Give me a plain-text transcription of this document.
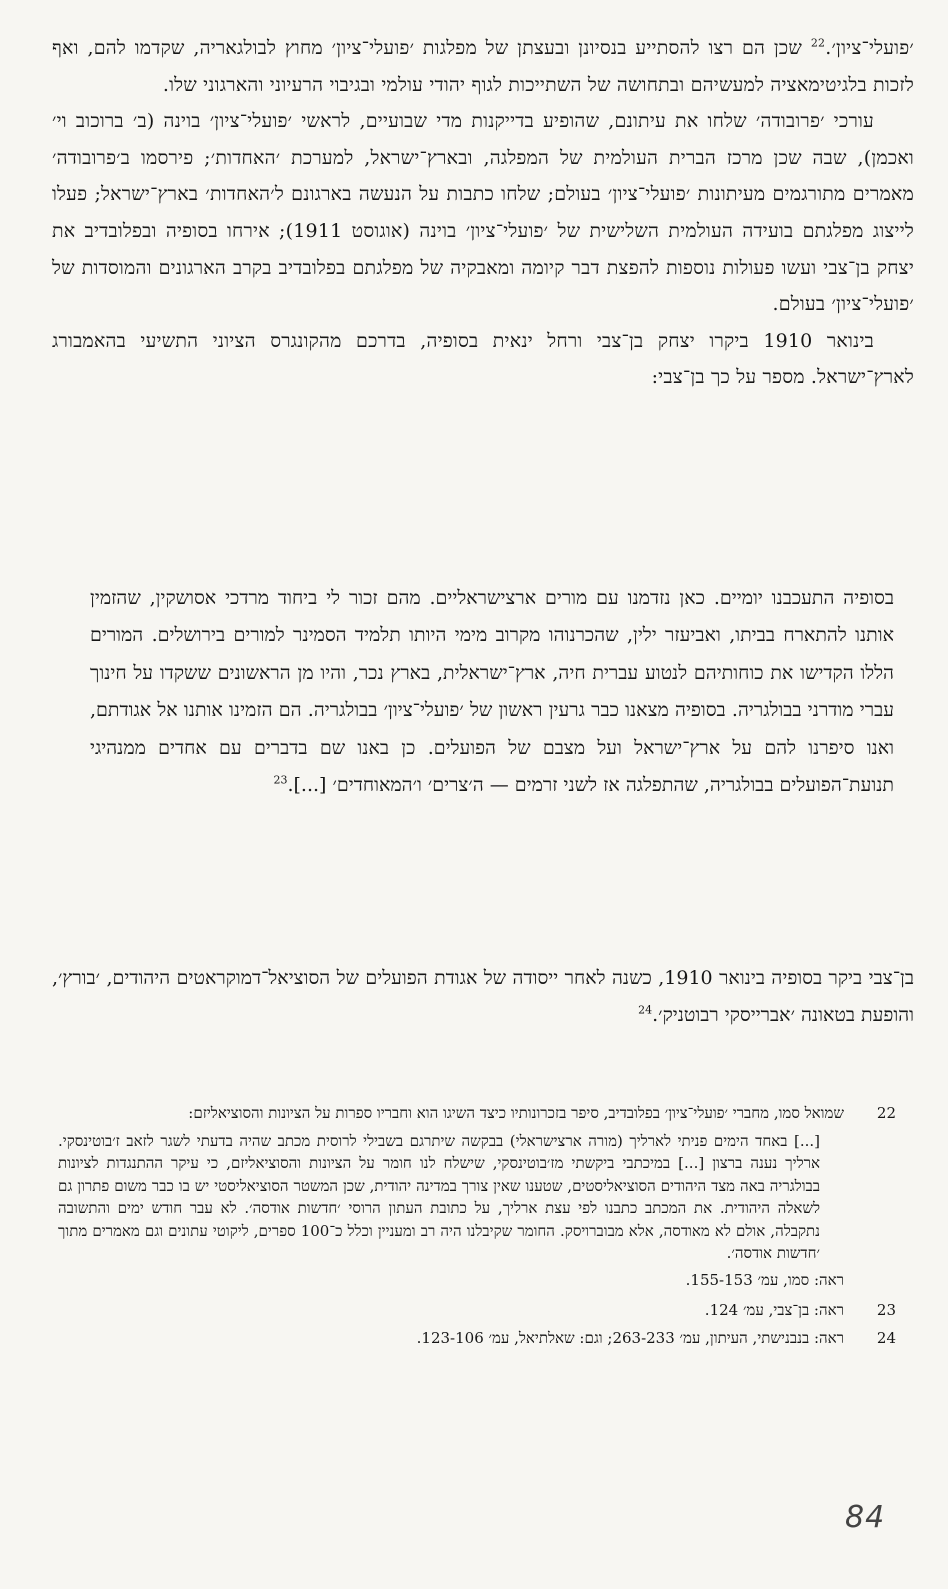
׳פועלי־ציון׳.$^{22}$ שכן הם רצו להסתייע בנסיונן ובעצתן של מפלגות ׳פועלי־ציון׳ מחוץ לבולגאריה, שקדמו להם, ואף לזכות בלגיטימאציה למעשיהם ובתחושה של השתייכות לגוף יהודי עולמי ובגיבוי הרעיוני והארגוני שלו.

עורכי ׳פרובודה׳ שלחו את עיתונם, שהופיע בדייקנות מדי שבועיים, לראשי ׳פועלי־ציון׳ בוינה (ב׳ ברוכוב וי׳ ואכמן), שבה שכן מרכז הברית העולמית של המפלגה, ובארץ־ישראל, למערכת ׳האחדות׳; פירסמו ב׳פרובודה׳ מאמרים מתורגמים מעיתונות ׳פועלי־ציון׳ בעולם; שלחו כתבות על הנעשה בארגונם ל׳האחדות׳ בארץ־ישראל; פעלו לייצוג מפלגתם בועידה העולמית השלישית של ׳פועלי־ציון׳ בוינה (אוגוסט 1911); אירחו בסופיה ובפלובדיב את יצחק בן־צבי ועשו פעולות נוספות להפצת דבר קיומה ומאבקיה של מפלגתם בפלובדיב בקרב הארגונים והמוסדות של ׳פועלי־ציון׳ בעולם.

בינואר 1910 ביקרו יצחק בן־צבי ורחל ינאית בסופיה, בדרכם מהקונגרס הציוני התשיעי בהאמבורג לארץ־ישראל. מספר על כך בן־צבי:

בסופיה התעכבנו יומיים. כאן נזדמנו עם מורים ארצישראליים. מהם זכור לי ביחוד מרדכי אסושקין, שהזמין אותנו להתארח בביתו, ואביעזר ילין, שהכרנוהו מקרוב מימי היותו תלמיד הסמינר למורים בירושלים. המורים הללו הקדישו את כוחותיהם לנטוע עברית חיה, ארץ־ישראלית, בארץ נכר, והיו מן הראשונים ששקדו על חינוך עברי מודרני בבולגריה. בסופיה מצאנו כבר גרעין ראשון של ׳פועלי־ציון׳ בבולגריה. הם הזמינו אותנו אל אגודתם, ואנו סיפרנו להם על ארץ־ישראל ועל מצבם של הפועלים. כן באנו שם בדברים עם אחדים ממנהיגי תנועת־הפועלים בבולגריה, שהתפלגה אז לשני זרמים — ה׳צרים׳ ו׳המאוחדים׳ [...].$^{23}$

בן־צבי ביקר בסופיה בינואר 1910, כשנה לאחר ייסודה של אגודת הפועלים של הסוציאל־דמוקראטים היהודים, ׳בורץ׳, והופעת בטאונה ׳אברייסקי רבוטניק׳.$^{24}$

22
שמואל סמו, מחברי ׳פועלי־ציון׳ בפלובדיב, סיפר בזכרונותיו כיצד השיגו הוא וחבריו ספרות על הציונות והסוציאליזם:
[...] באחד הימים פניתי לארליך (מורה ארצישראלי) בבקשה שיתרגם בשבילי לרוסית מכתב שהיה בדעתי לשגר לזאב ז׳בוטינסקי. ארליך נענה ברצון [...] במיכתבי ביקשתי מז׳בוטינסקי, שישלח לנו חומר על הציונות והסוציאליזם, כי עיקר ההתנגדות לציונות בבולגריה באה מצד היהודים הסוציאליסטים, שטענו שאין צורך במדינה יהודית, שכן המשטר הסוציאליסטי יש בו כבר משום פתרון גם לשאלה היהודית. את המכתב כתבנו לפי עצת ארליך, על כתובת העתון הרוסי ׳חדשות אודסה׳. לא עבר חודש ימים והתשובה נתקבלה, אולם לא מאודסה, אלא מבוברויסק. החומר שקיבלנו היה רב ומעניין וכלל כ־100 ספרים, ליקוטי עתונים וגם מאמרים מתוך ׳חדשות אודסה׳.
ראה: סמו, עמ׳ 155-153.
23
ראה: בן־צבי, עמ׳ 124.
24
ראה: בנבנישתי, העיתון, עמ׳ 263-233; וגם: שאלתיאל, עמ׳ 123-106.
84
